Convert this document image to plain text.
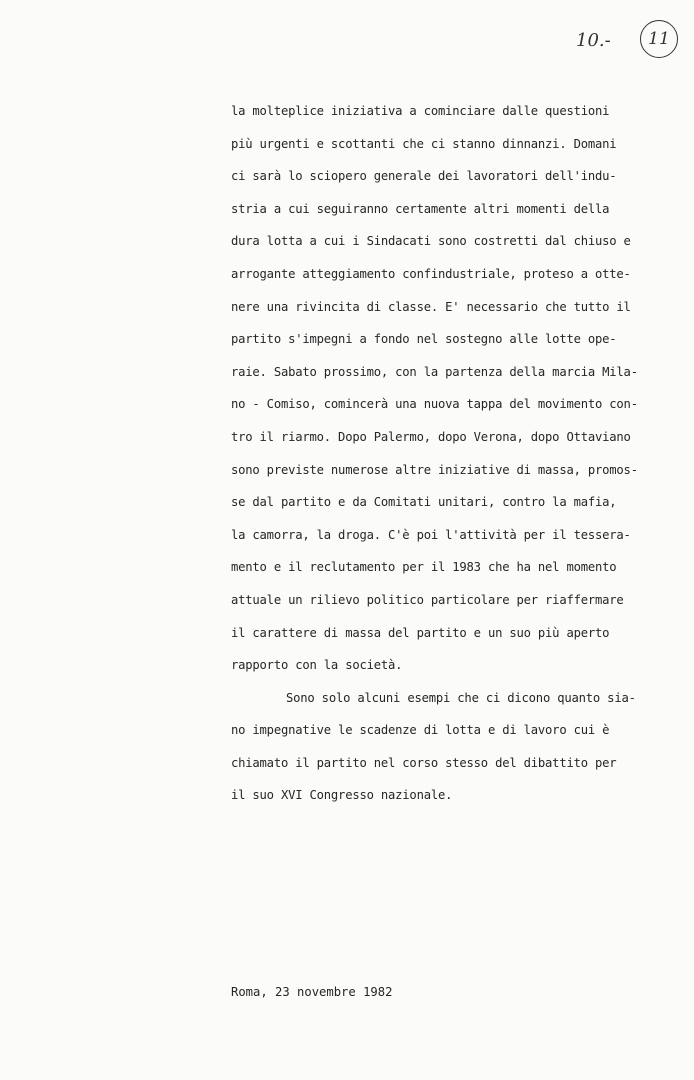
10.- 11
la molteplice iniziativa a cominciare dalle questioni
più urgenti e scottanti che ci stanno dinnanzi. Domani
ci sarà lo sciopero generale dei lavoratori dell'indu-
stria a cui seguiranno certamente altri momenti della
dura lotta a cui i Sindacati sono costretti dal chiuso e
arrogante atteggiamento confindustriale, proteso a otte-
nere una rivincita di classe. E' necessario che tutto il
partito s'impegni a fondo nel sostegno alle lotte ope-
raie. Sabato prossimo, con la partenza della marcia Mila-
no - Comiso, comincerà una nuova tappa del movimento con-
tro il riarmo. Dopo Palermo, dopo Verona, dopo Ottaviano
sono previste numerose altre iniziative di massa, promos-
se dal partito e da Comitati unitari, contro la mafia,
la camorra, la droga. C'è poi l'attività per il tessera-
mento e il reclutamento per il 1983 che ha nel momento
attuale un rilievo politico particolare per riaffermare
il carattere di massa del partito e un suo più aperto
rapporto con la società.
Sono solo alcuni esempi che ci dicono quanto sia-
no impegnative le scadenze di lotta e di lavoro cui è
chiamato il partito nel corso stesso del dibattito per
il suo XVI Congresso nazionale.
Roma, 23 novembre 1982
